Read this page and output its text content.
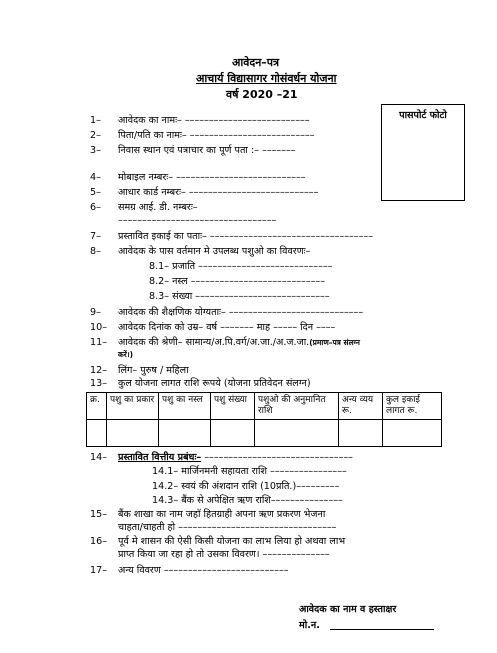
आवेदन–पत्र
आचार्य विद्यासागर गोसंवर्धन योजना
वर्ष 2020 –21
पासपोर्ट फोटो
1– आवेदक का नामः– ––––––––––––––––––––––––––
2– पिता/पति का नामः– ––––––––––––––––––––––––––
3– निवास स्थान एवं पत्राचार का पूर्ण पता :– –––––––
4– मोबाइल नम्बरः– –––––––––––––––––––––––––––
5– आधार कार्ड नम्बरः– –––––––––––––––––––––––––––
6– समग्र आई. डी. नम्बरः–
–––––––––––––––––––––––––––––––––
7– प्रस्तावित इकाई का पताः– ––––––––––––––––––––––––––––––––––
8– आवेदक के पास वर्तमान मे उपलब्ध पशुओ का विवरणः–
8.1– प्रजाति ––––––––––––––––––––––––––––
8.2– नस्ल ––––––––––––––––––––––––––––
8.3– संख्या ––––––––––––––––––––––––––––
9– आवेदक की शैक्षणिक योग्यताः– ––––––––––––––––––––––––––––
10– आवेदक दिनांक को उम्र– वर्ष ––––––– माह ––––– दिन ––––
11– आवेदक की श्रेणी– सामान्य/अ.पि.वर्ग/अ.जा./अ.ज.जा.(प्रमाण–पत्र संलग्न
करें।)
12– लिंग– पुरुष / महिला
13– कुल योजना लागत राशि रूपये (योजना प्रतिवेदन संलग्न)
क्र.	पशु का प्रकार	पशु का नस्ल	पशु संख्या	पशुओ की अनुमानित राशि	अन्य व्यय रू.	कुल इकाई लागत रू.

14– प्रस्तावित वित्तीय प्रबंधः– –––––––––––––––––––––––––––––––
14.1– मार्जिनमनी सहायता राशि ––––––––––––––––
14.2– स्वयं की अंशदान राशि (10प्रति.)–––––––––
14.3– बैंक से अपेक्षित ऋण राशि–––––––––––––––
15– बैंक शाखा का नाम जहाॅ हितग्राही अपना ऋण प्रकरण भेजना
चाहता/चाहती हो –––––––––––––––––––––––––––––––––
16– पूर्व मे शासन की ऐसी किसी योजना का लाभ लिया हो अथवा लाभ
प्राप्त किया जा रहा हो तो उसका विवरण। ––––––––––––––
17– अन्य विवरण ––––––––––––––––––––––––––
आवेदक का नाम व हस्ताक्षर
मो.न.
